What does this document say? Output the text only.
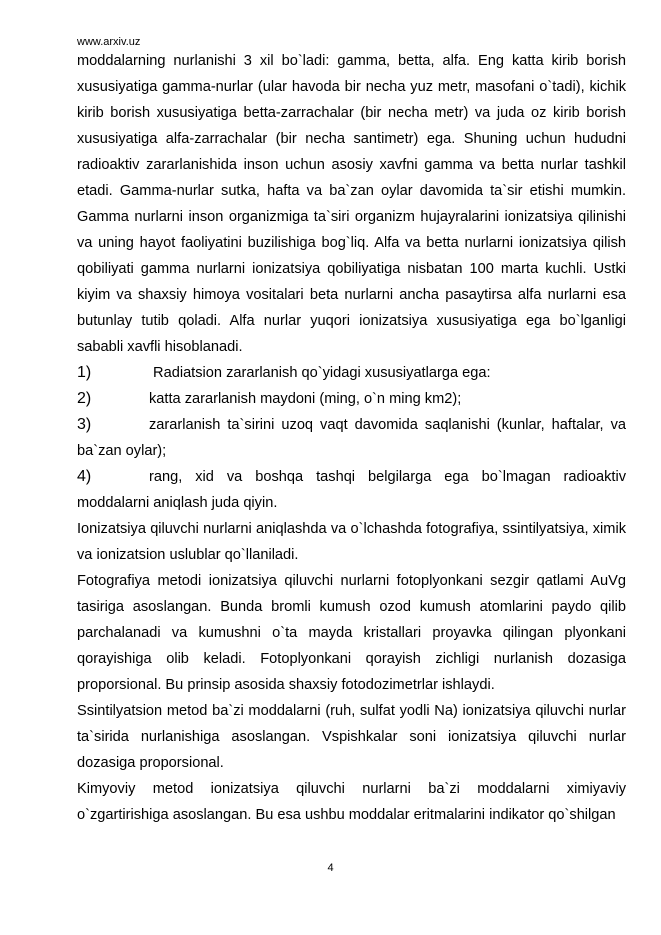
www.arxiv.uz

moddalarning nurlanishi 3 xil bo`ladi: gamma, betta, alfa. Eng katta kirib borish xususiyatiga gamma-nurlar (ular havoda bir necha yuz metr, masofani o`tadi), kichik kirib borish xususiyatiga betta-zarrachalar (bir necha metr) va juda oz kirib borish xususiyatiga alfa-zarrachalar (bir necha santimetr) ega. Shuning uchun hududni radioaktiv zararlanishida inson uchun asosiy xavfni gamma va betta nurlar tashkil etadi. Gamma-nurlar sutka, hafta va ba`zan oylar davomida ta`sir etishi mumkin. Gamma nurlarni inson organizmiga ta`siri organizm hujayralarini ionizatsiya qilinishi va uning hayot faoliyatini buzilishiga bog`liq. Alfa va betta nurlarni ionizatsiya qilish qobiliyati gamma nurlarni ionizatsiya qobiliyatiga nisbatan 100 marta kuchli. Ustki kiyim va shaxsiy himoya vositalari beta nurlarni ancha pasaytirsa alfa nurlarni esa butunlay tutib qoladi. Alfa nurlar yuqori ionizatsiya xususiyatiga ega bo`lganligi sababli xavfli hisoblanadi.

1)	Radiatsion zararlanish qo`yidagi xususiyatlarga ega:

2)	katta zararlanish maydoni (ming, o`n ming km2);

3)	zararlanish ta`sirini uzoq vaqt davomida saqlanishi (kunlar, haftalar, va ba`zan oylar);

4)	rang, xid va boshqa tashqi belgilarga ega bo`lmagan radioaktiv moddalarni aniqlash juda qiyin.

Ionizatsiya qiluvchi nurlarni aniqlashda va o`lchashda fotografiya, ssintilyatsiya, ximik va ionizatsion uslublar qo`llaniladi.

Fotografiya metodi ionizatsiya qiluvchi nurlarni fotoplyonkani sezgir qatlami AuVg tasiriga asoslangan. Bunda bromli kumush ozod kumush atomlarini paydo qilib parchalanadi va kumushni o`ta mayda kristallari proyavka qilingan plyonkani qorayishiga olib keladi. Fotoplyonkani qorayish zichligi nurlanish dozasiga proporsional. Bu prinsip asosida shaxsiy fotodozimetrlar ishlaydi.

Ssintilyatsion metod ba`zi moddalarni (ruh, sulfat yodli Na) ionizatsiya qiluvchi nurlar ta`sirida nurlanishiga asoslangan. Vspishkalar soni ionizatsiya qiluvchi nurlar dozasiga proporsional.

Kimyoviy metod ionizatsiya qiluvchi nurlarni ba`zi moddalarni ximiyaviy o`zgartirishiga asoslangan. Bu esa ushbu moddalar eritmalarini indikator qo`shilgan

4
